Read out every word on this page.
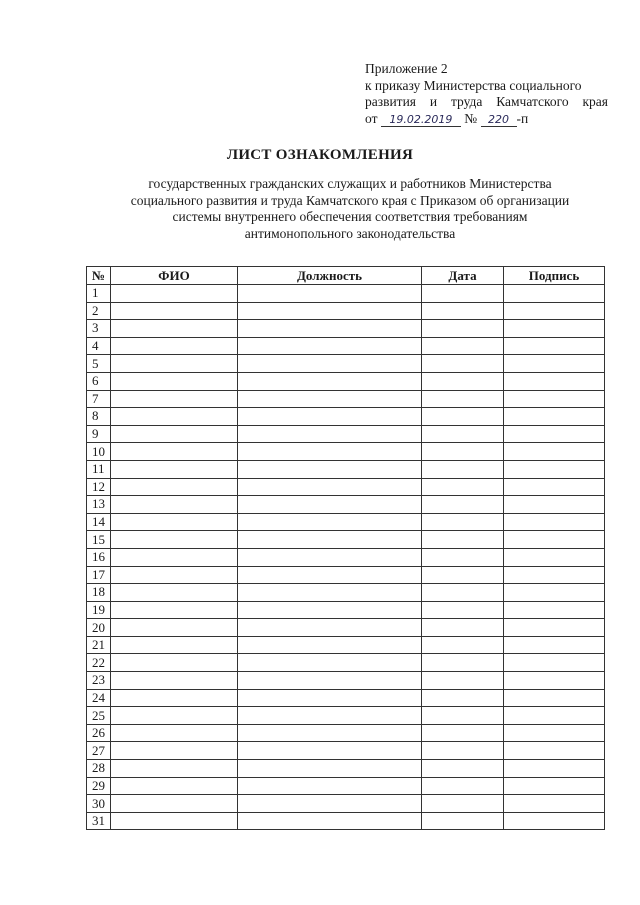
Приложение 2
к приказу Министерства социального
развития и труда Камчатского края
от 19.02.2019 № 220 -п
ЛИСТ ОЗНАКОМЛЕНИЯ
государственных гражданских служащих и работников Министерства
социального развития и труда Камчатского края с Приказом об организации
системы внутреннего обеспечения соответствия требованиям
антимонопольного законодательства
№	ФИО	Должность	Дата	Подпись
1				
2				
3				
4				
5				
6				
7				
8				
9				
10				
11				
12				
13				
14				
15				
16				
17				
18				
19				
20				
21				
22				
23				
24				
25				
26				
27				
28				
29				
30				
31				
